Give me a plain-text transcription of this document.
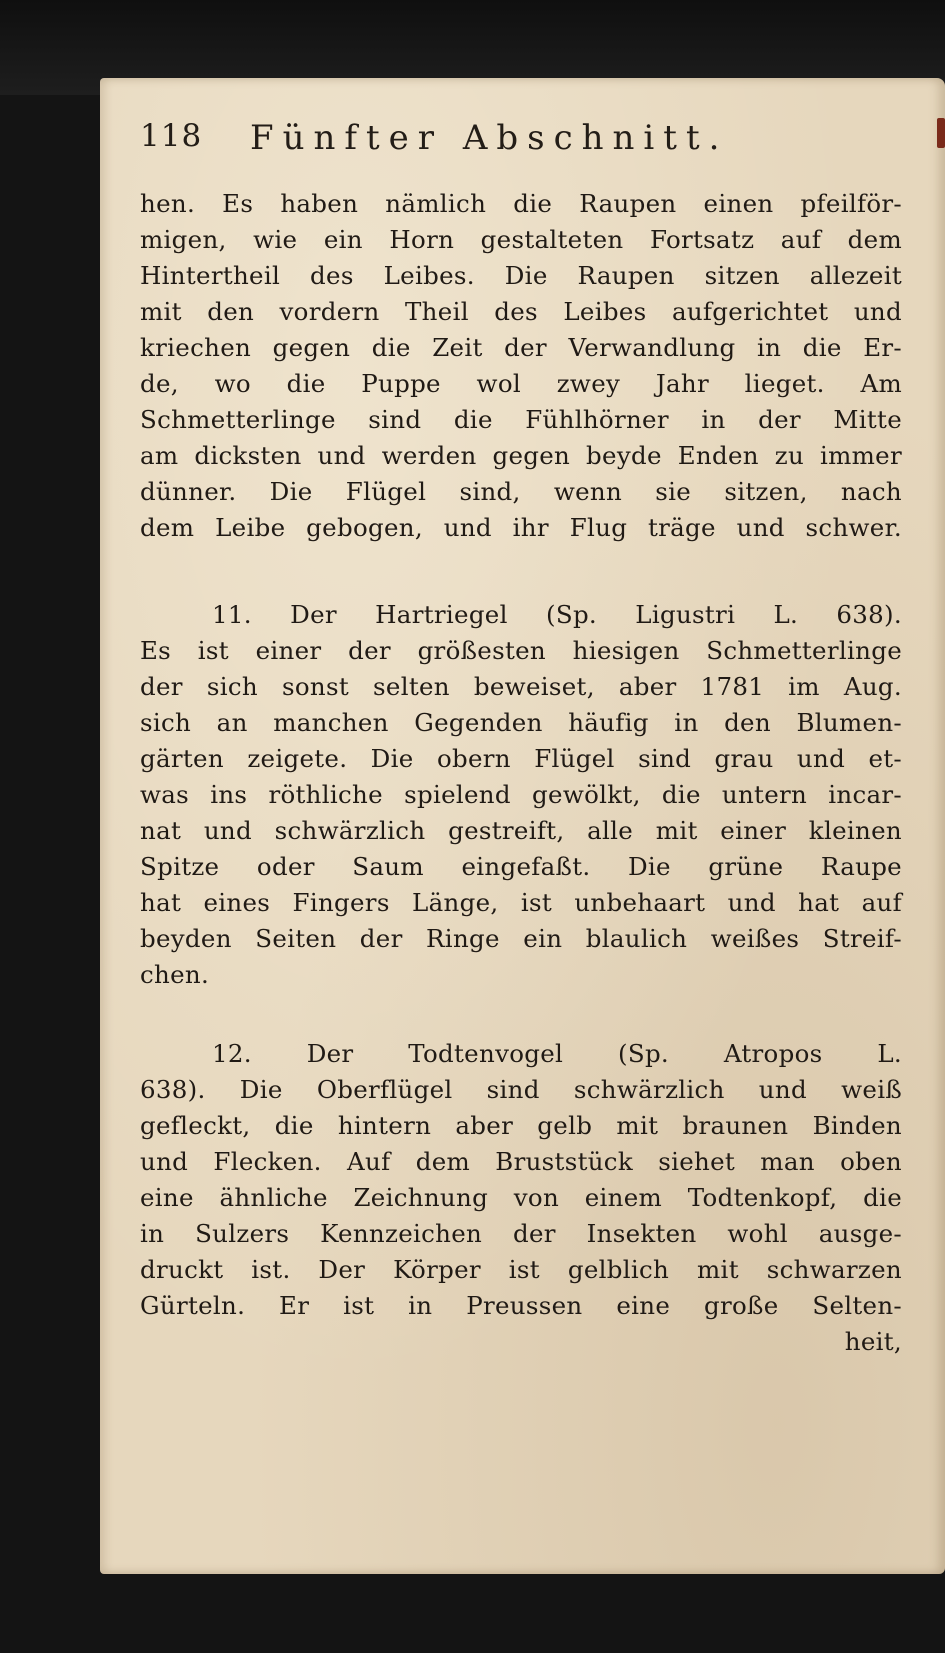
118 Fünfter Abschnitt.
hen. Es haben nämlich die Raupen einen pfeilför-
migen, wie ein Horn gestalteten Fortsatz auf dem
Hintertheil des Leibes. Die Raupen sitzen allezeit
mit den vordern Theil des Leibes aufgerichtet und
kriechen gegen die Zeit der Verwandlung in die Er-
de, wo die Puppe wol zwey Jahr lieget. Am
Schmetterlinge sind die Fühlhörner in der Mitte
am dicksten und werden gegen beyde Enden zu immer
dünner. Die Flügel sind, wenn sie sitzen, nach
dem Leibe gebogen, und ihr Flug träge und schwer.
11. Der Hartriegel (Sp. Ligustri L. 638).
Es ist einer der größesten hiesigen Schmetterlinge
der sich sonst selten beweiset, aber 1781 im Aug.
sich an manchen Gegenden häufig in den Blumen-
gärten zeigete. Die obern Flügel sind grau und et-
was ins röthliche spielend gewölkt, die untern incar-
nat und schwärzlich gestreift, alle mit einer kleinen
Spitze oder Saum eingefaßt. Die grüne Raupe
hat eines Fingers Länge, ist unbehaart und hat auf
beyden Seiten der Ringe ein blaulich weißes Streif-
chen.
12. Der Todtenvogel (Sp. Atropos L.
638). Die Oberflügel sind schwärzlich und weiß
gefleckt, die hintern aber gelb mit braunen Binden
und Flecken. Auf dem Bruststück siehet man oben
eine ähnliche Zeichnung von einem Todtenkopf, die
in Sulzers Kennzeichen der Insekten wohl ausge-
druckt ist. Der Körper ist gelblich mit schwarzen
Gürteln. Er ist in Preussen eine große Selten-
heit,
